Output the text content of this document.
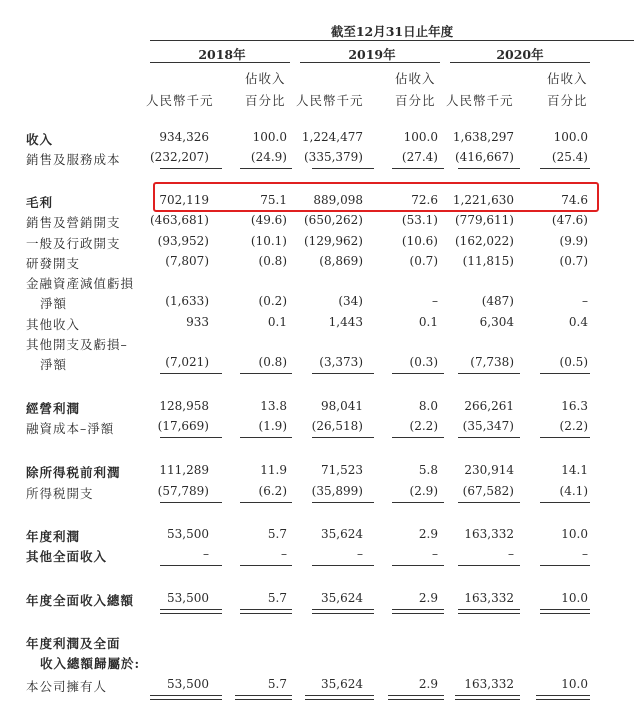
截至12月31日止年度
2018年	2019年	2020年
佔收入	佔收入	佔收入
人民幣千元	百分比 人民幣千元	百分比 人民幣千元	百分比
收入	934,326	100.0 1,224,477	100.0 1,638,297	100.0
銷售及服務成本 (232,207)	(24.9) (335,379)	(27.4) (416,667)	(25.4)
毛利	702,119	75.1 889,098	72.6 1,221,630	74.6
銷售及營銷開支 (463,681)	(49.6) (650,262)	(53.1) (779,611)	(47.6)
一般及行政開支	(93,952)	(10.1) (129,962)	(10.6) (162,022)	(9.9)
研發開支	(7,807)	(0.8)	(8,869)	(0.7) (11,815)	(0.7)
金融資產減值虧損
淨額	(1,633)	(0.2)	(34)	–	(487)	–
其他收入	933	0.1	1,443	0.1	6,304	0.4
其他開支及虧損–
淨額	(7,021)	(0.8)	(3,373)	(0.3)	(7,738)	(0.5)
經營利潤	128,958	13.8	98,041	8.0 266,261	16.3
融資成本–淨額	(17,669)	(1.9) (26,518)	(2.2) (35,347)	(2.2)
除所得税前利潤	111,289	11.9	71,523	5.8 230,914	14.1
所得税開支	(57,789)	(6.2) (35,899)	(2.9) (67,582)	(4.1)
年度利潤	53,500	5.7	35,624	2.9 163,332	10.0
其他全面收入	–	–	–	–	–	–
年度全面收入總額	53,500	5.7	35,624	2.9 163,332	10.0
年度利潤及全面
收入總額歸屬於:
本公司擁有人	53,500	5.7	35,624	2.9 163,332	10.0
